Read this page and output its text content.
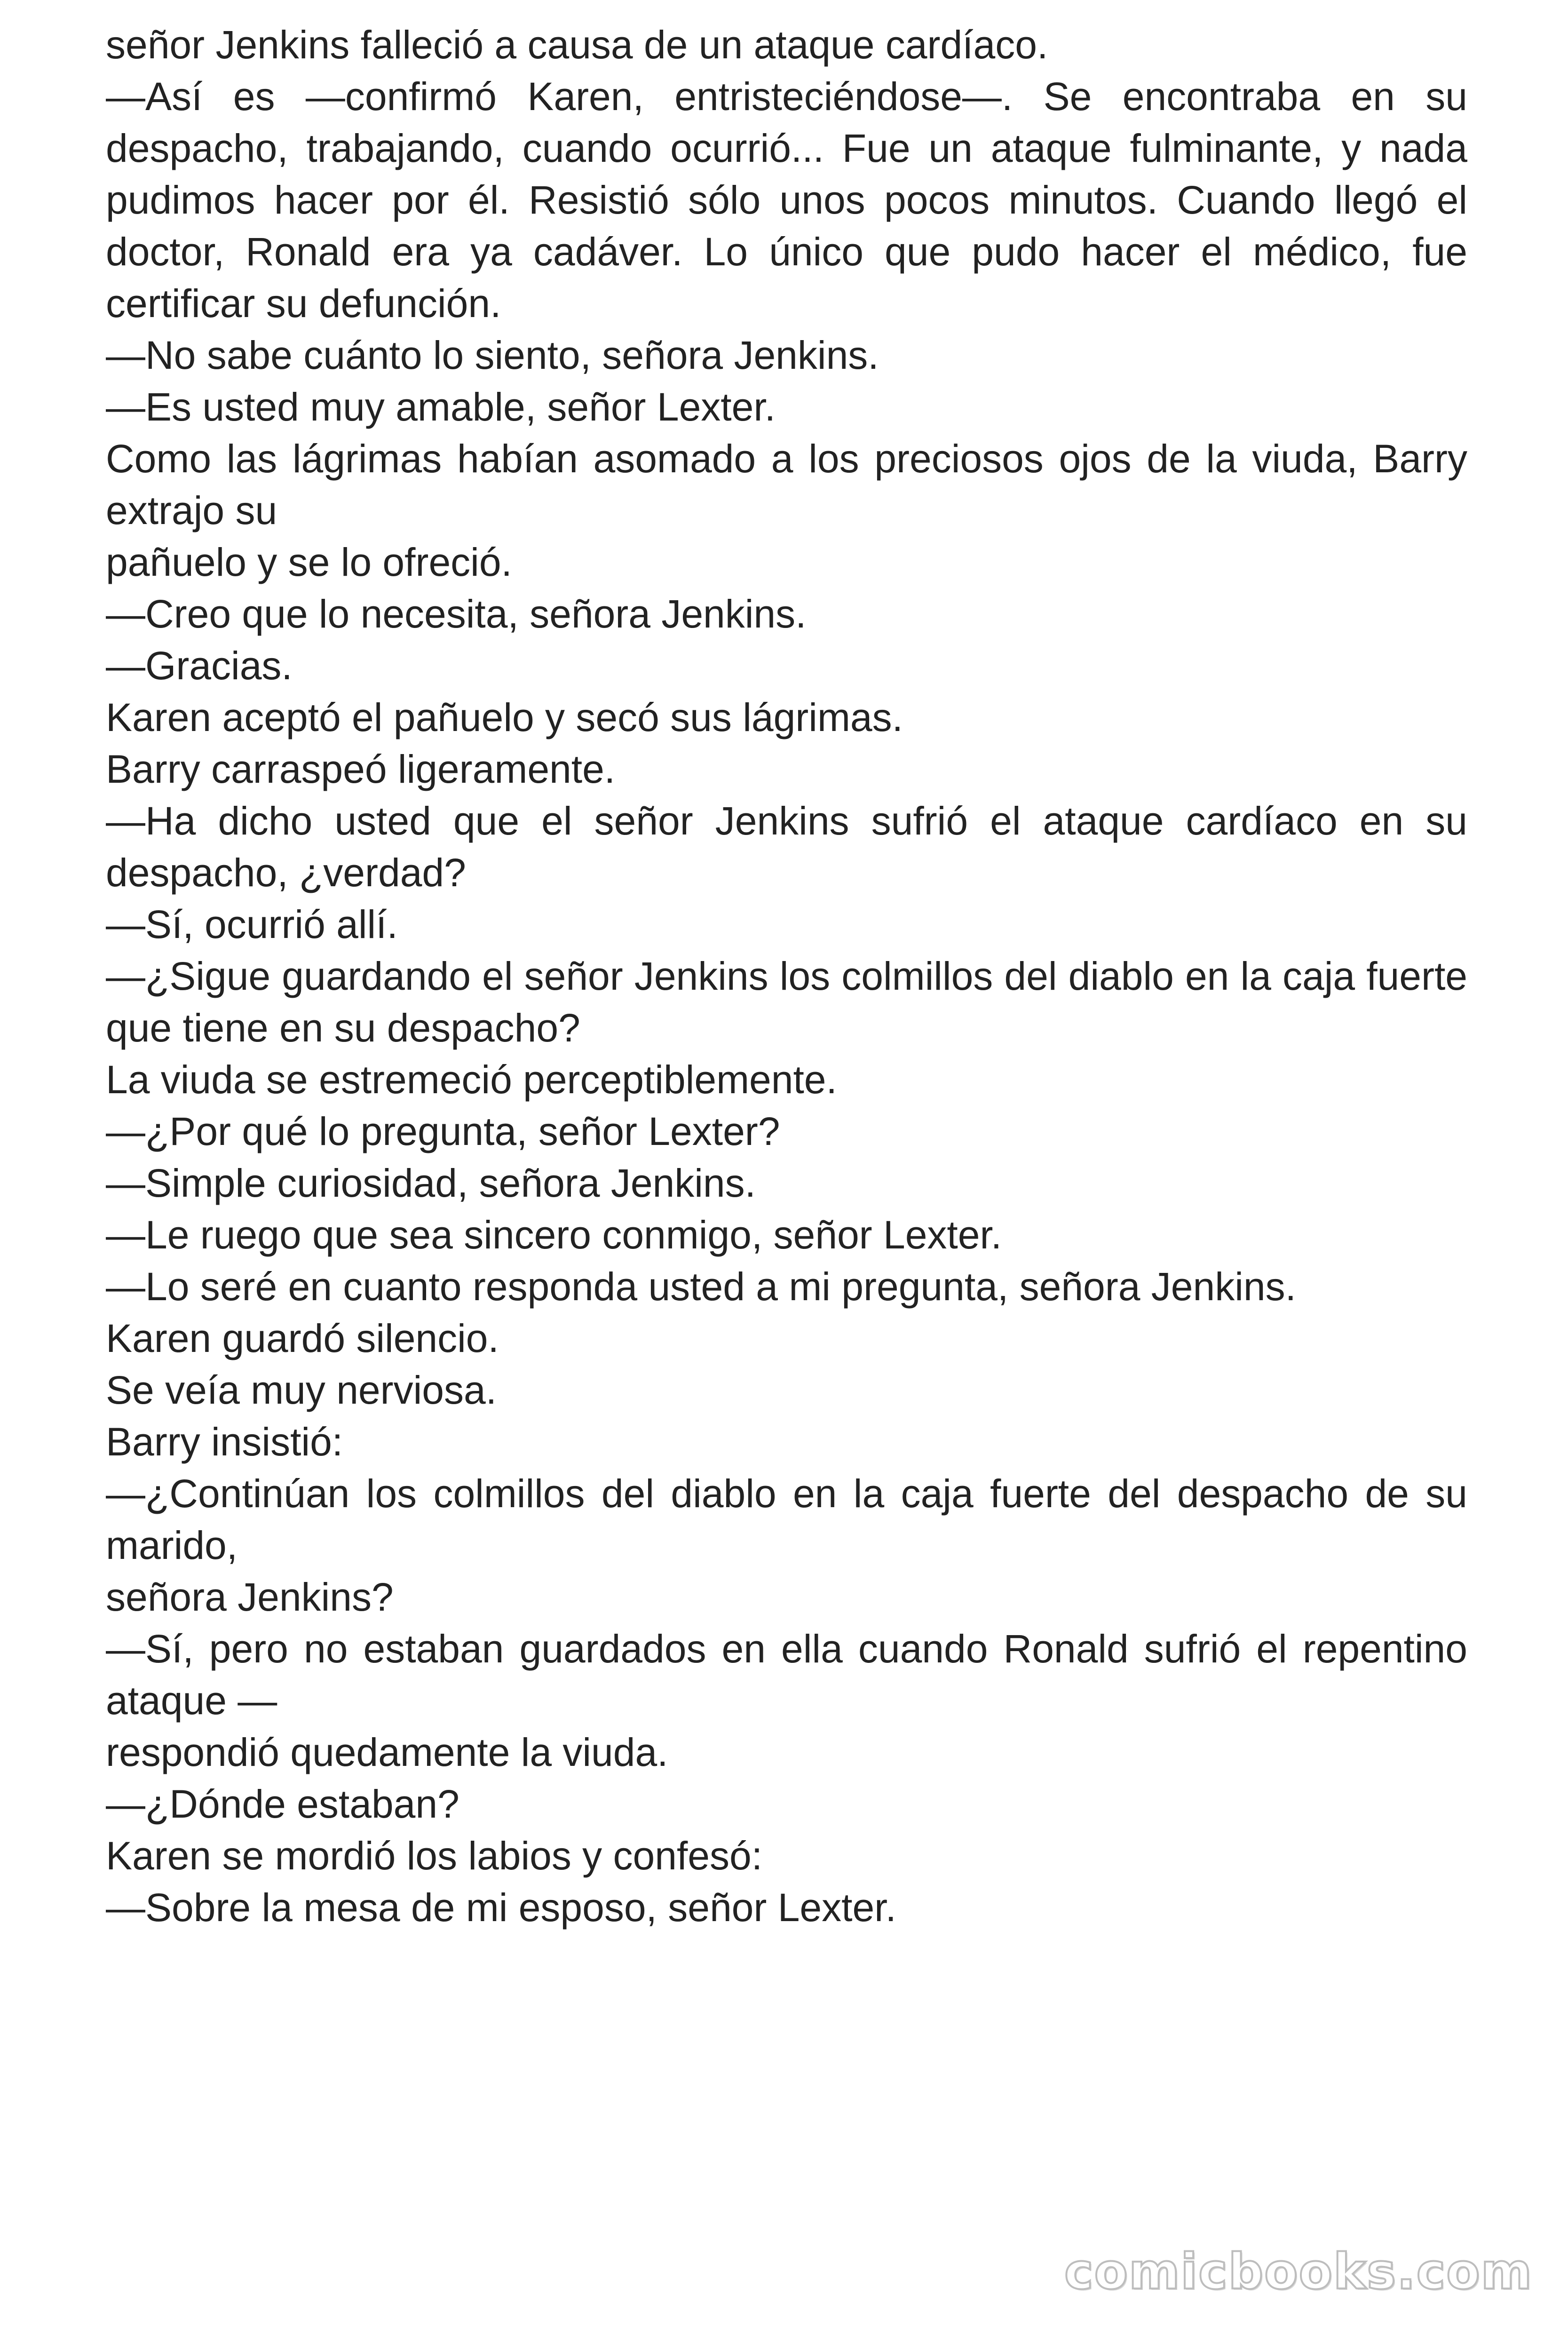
señor Jenkins falleció a causa de un ataque cardíaco.

—Así es —confirmó Karen, entristeciéndose—. Se encontraba en su despacho, trabajando, cuando ocurrió... Fue un ataque fulminante, y nada pudimos hacer por él. Resistió sólo unos pocos minutos. Cuando llegó el doctor, Ronald era ya cadáver. Lo único que pudo hacer el médico, fue certificar su defunción.

—No sabe cuánto lo siento, señora Jenkins.

—Es usted muy amable, señor Lexter.

Como las lágrimas habían asomado a los preciosos ojos de la viuda, Barry extrajo su

pañuelo y se lo ofreció.

—Creo que lo necesita, señora Jenkins.

—Gracias.

Karen aceptó el pañuelo y secó sus lágrimas.

Barry carraspeó ligeramente.

—Ha dicho usted que el señor Jenkins sufrió el ataque cardíaco en su despacho, ¿verdad?

—Sí, ocurrió allí.

—¿Sigue guardando el señor Jenkins los colmillos del diablo en la caja fuerte que tiene en su despacho?

La viuda se estremeció perceptiblemente.

—¿Por qué lo pregunta, señor Lexter?

—Simple curiosidad, señora Jenkins.

—Le ruego que sea sincero conmigo, señor Lexter.

—Lo seré en cuanto responda usted a mi pregunta, señora Jenkins.

Karen guardó silencio.

Se veía muy nerviosa.

Barry insistió:

—¿Continúan los colmillos del diablo en la caja fuerte del despacho de su marido,

señora Jenkins?

—Sí, pero no estaban guardados en ella cuando Ronald sufrió el repentino ataque —

respondió quedamente la viuda.

—¿Dónde estaban?

Karen se mordió los labios y confesó:

—Sobre la mesa de mi esposo, señor Lexter.

comicbooks.com
